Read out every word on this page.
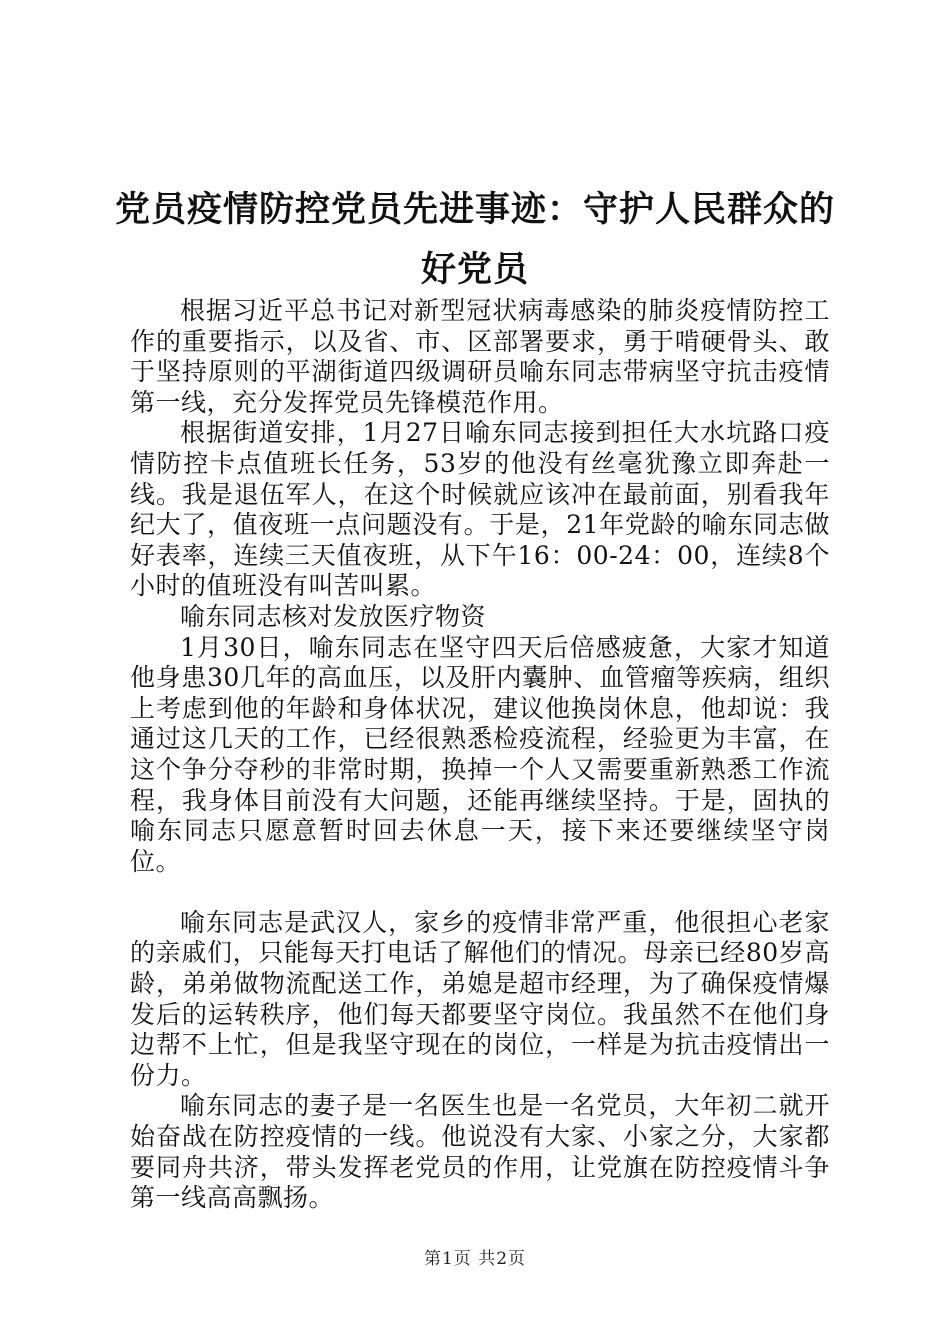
党员疫情防控党员先进事迹：守护人民群众的
好党员

根据习近平总书记对新型冠状病毒感染的肺炎疫情防控工作的重要指示，以及省、市、区部署要求，勇于啃硬骨头、敢于坚持原则的平湖街道四级调研员喻东同志带病坚守抗击疫情第一线，充分发挥党员先锋模范作用。

根据街道安排，1月27日喻东同志接到担任大水坑路口疫情防控卡点值班长任务，53岁的他没有丝毫犹豫立即奔赴一线。我是退伍军人，在这个时候就应该冲在最前面，别看我年纪大了，值夜班一点问题没有。于是，21年党龄的喻东同志做好表率，连续三天值夜班，从下午16：00-24：00，连续8个小时的值班没有叫苦叫累。

喻东同志核对发放医疗物资

1月30日，喻东同志在坚守四天后倍感疲惫，大家才知道他身患30几年的高血压，以及肝内囊肿、血管瘤等疾病，组织上考虑到他的年龄和身体状况，建议他换岗休息，他却说：我通过这几天的工作，已经很熟悉检疫流程，经验更为丰富，在这个争分夺秒的非常时期，换掉一个人又需要重新熟悉工作流程，我身体目前没有大问题，还能再继续坚持。于是，固执的喻东同志只愿意暂时回去休息一天，接下来还要继续坚守岗位。

喻东同志是武汉人，家乡的疫情非常严重，他很担心老家的亲戚们，只能每天打电话了解他们的情况。母亲已经80岁高龄，弟弟做物流配送工作，弟媳是超市经理，为了确保疫情爆发后的运转秩序，他们每天都要坚守岗位。我虽然不在他们身边帮不上忙，但是我坚守现在的岗位，一样是为抗击疫情出一份力。

喻东同志的妻子是一名医生也是一名党员，大年初二就开始奋战在防控疫情的一线。他说没有大家、小家之分，大家都要同舟共济，带头发挥老党员的作用，让党旗在防控疫情斗争第一线高高飘扬。

第1页 共2页
